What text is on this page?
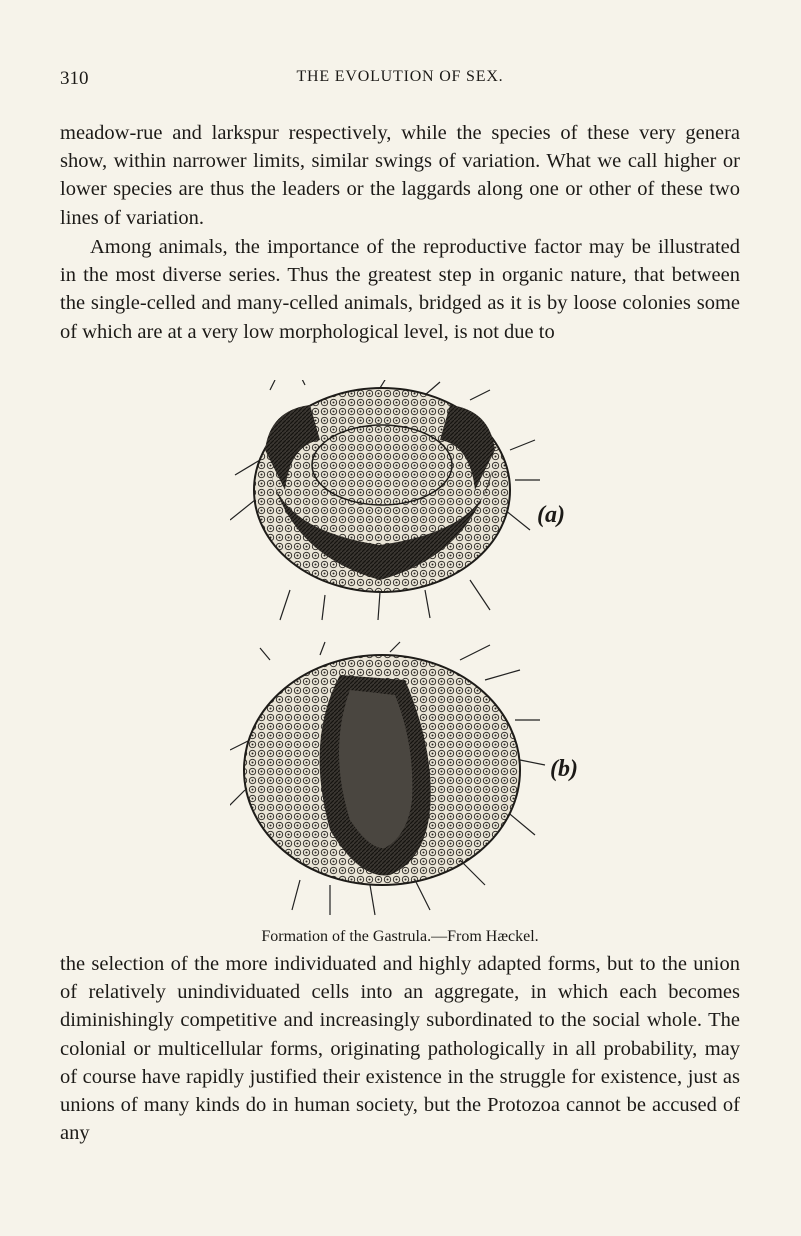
310	THE EVOLUTION OF SEX.

meadow-rue and larkspur respectively, while the species of these very genera show, within narrower limits, similar swings of variation. What we call higher or lower species are thus the leaders or the laggards along one or other of these two lines of variation.

Among animals, the importance of the reproductive factor may be illustrated in the most diverse series. Thus the greatest step in organic nature, that between the single-celled and many-celled animals, bridged as it is by loose colonies some of which are at a very low morphological level, is not due to

(a)
(b)
Formation of the Gastrula.—From Hæckel.

the selection of the more individuated and highly adapted forms, but to the union of relatively unindividuated cells into an aggregate, in which each becomes diminishingly competitive and increasingly subordinated to the social whole. The colonial or multicellular forms, originating pathologically in all probability, may of course have rapidly justified their existence in the struggle for existence, just as unions of many kinds do in human society, but the Protozoa cannot be accused of any
